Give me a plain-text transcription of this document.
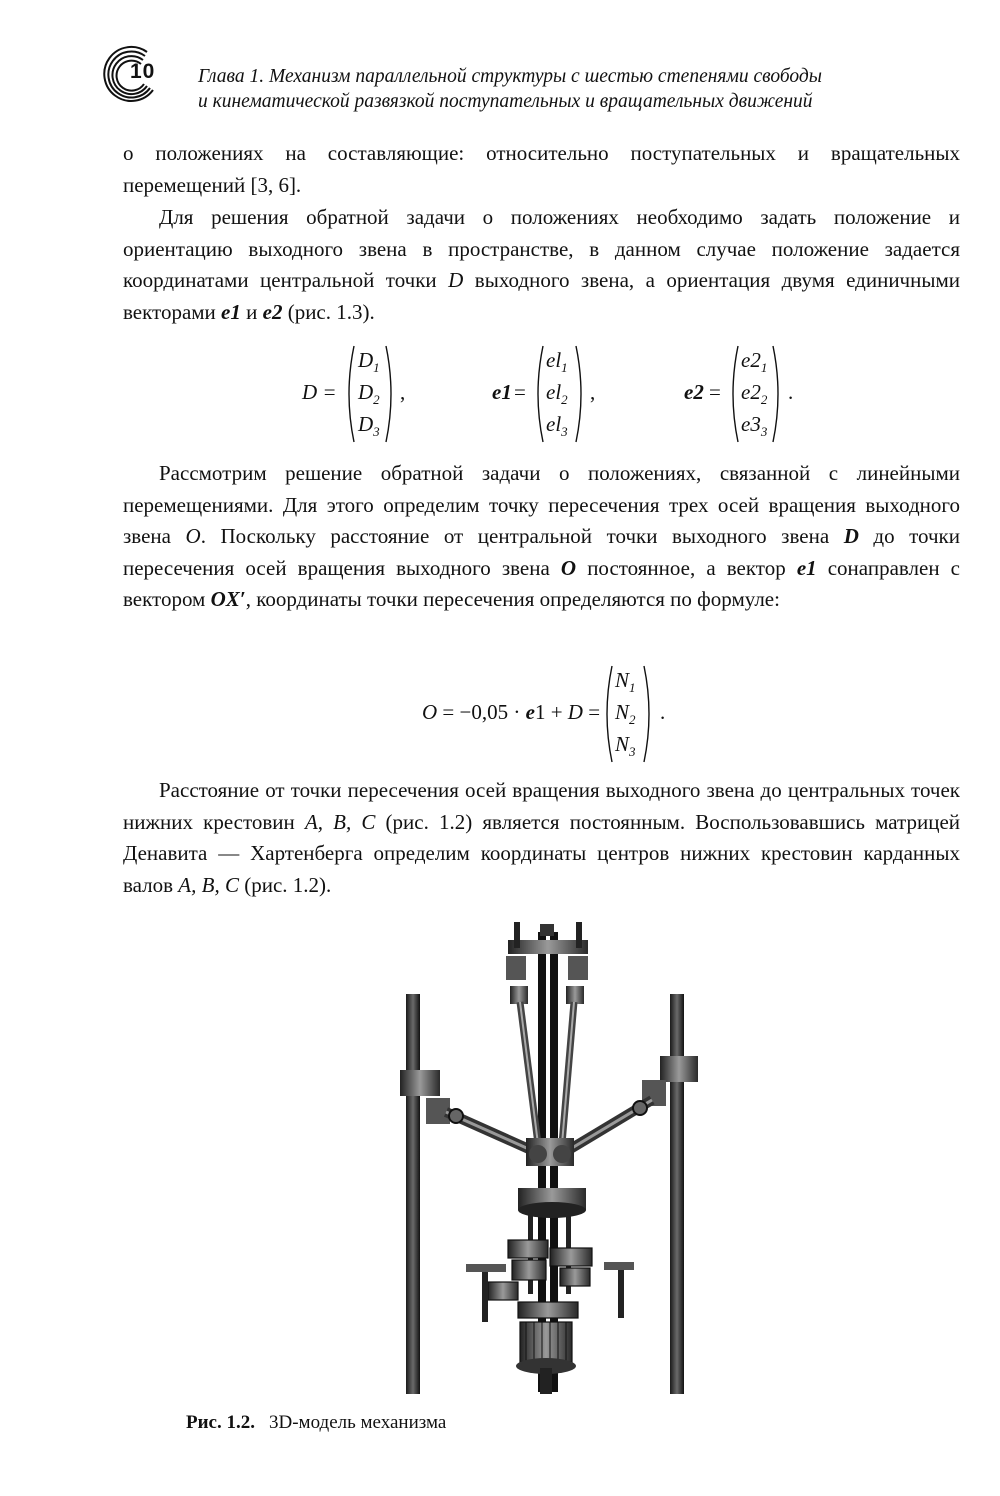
10 Глава 1. Механизм параллельной структуры с шестью степенями свободы
и кинематической развязкой поступательных и вращательных движений

о положениях на составляющие: относительно поступательных и вращательных перемещений [3, 6].

Для решения обратной задачи о положениях необходимо задать положение и ориентацию выходного звена в пространстве, в данном случае положение задается координатами центральной точки D выходного звена, а ориентация двумя единичными векторами e1 и e2 (рис. 1.3).

D =
$D_1$
$D_2$
$D_3$
,	e1 =
$el_1$
$el_2$
$el_3$
,	e2 =
$e2_1$
$e2_2$
$e3_3$
.

Рассмотрим решение обратной задачи о положениях, связанной с линейными перемещениями. Для этого определим точку пересечения трех осей вращения выходного звена O. Поскольку расстояние от центральной точки выходного звена D до точки пересечения осей вращения выходного звена O постоянное, а вектор e1 сонаправлен с вектором OX′, координаты точки пересечения определяются по формуле:

O = −0,05 · e1 + D =
$N_1$
$N_2$
$N_3$
.

Расстояние от точки пересечения осей вращения выходного звена до центральных точек нижних крестовин A, B, C (рис. 1.2) является постоянным. Воспользовавшись матрицей Денавита — Хартенберга определим координаты центров нижних крестовин карданных валов A, B, C (рис. 1.2).

Рис. 1.2. 3D-модель механизма
